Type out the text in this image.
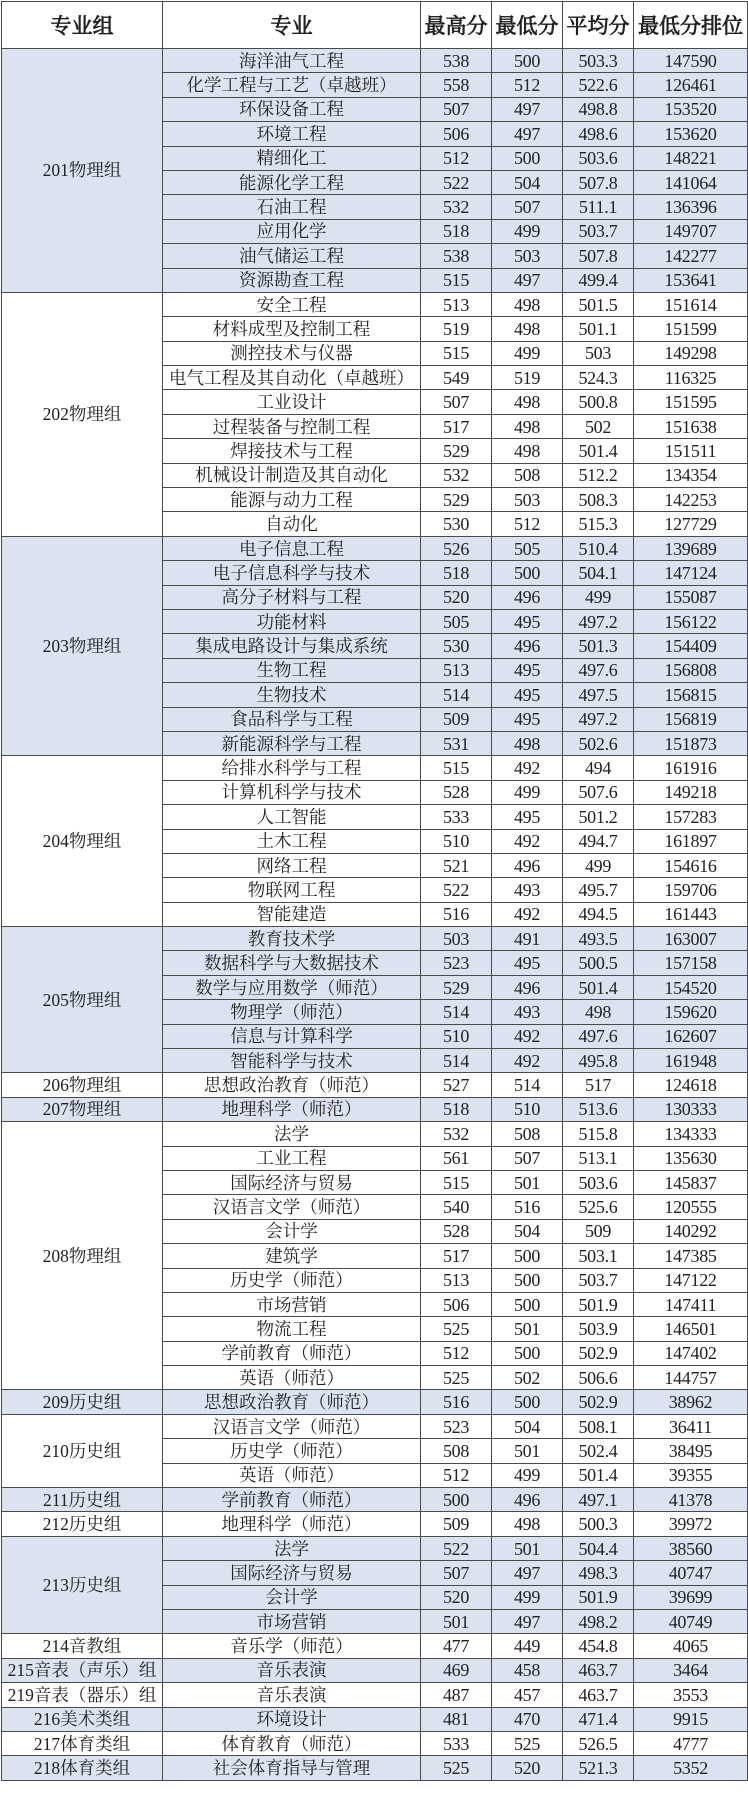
专业组	专业	最高分	最低分	平均分	最低分排位
201物理组	海洋油气工程	538	500	503.3	147590
	化学工程与工艺（卓越班）	558	512	522.6	126461
	环保设备工程	507	497	498.8	153520
	环境工程	506	497	498.6	153620
	精细化工	512	500	503.6	148221
	能源化学工程	522	504	507.8	141064
	石油工程	532	507	511.1	136396
	应用化学	518	499	503.7	149707
	油气储运工程	538	503	507.8	142277
	资源勘查工程	515	497	499.4	153641
202物理组	安全工程	513	498	501.5	151614
	材料成型及控制工程	519	498	501.1	151599
	测控技术与仪器	515	499	503	149298
	电气工程及其自动化（卓越班）	549	519	524.3	116325
	工业设计	507	498	500.8	151595
	过程装备与控制工程	517	498	502	151638
	焊接技术与工程	529	498	501.4	151511
	机械设计制造及其自动化	532	508	512.2	134354
	能源与动力工程	529	503	508.3	142253
	自动化	530	512	515.3	127729
203物理组	电子信息工程	526	505	510.4	139689
	电子信息科学与技术	518	500	504.1	147124
	高分子材料与工程	520	496	499	155087
	功能材料	505	495	497.2	156122
	集成电路设计与集成系统	530	496	501.3	154409
	生物工程	513	495	497.6	156808
	生物技术	514	495	497.5	156815
	食品科学与工程	509	495	497.2	156819
	新能源科学与工程	531	498	502.6	151873
204物理组	给排水科学与工程	515	492	494	161916
	计算机科学与技术	528	499	507.6	149218
	人工智能	533	495	501.2	157283
	土木工程	510	492	494.7	161897
	网络工程	521	496	499	154616
	物联网工程	522	493	495.7	159706
	智能建造	516	492	494.5	161443
205物理组	教育技术学	503	491	493.5	163007
	数据科学与大数据技术	523	495	500.5	157158
	数学与应用数学（师范）	529	496	501.4	154520
	物理学（师范）	514	493	498	159620
	信息与计算科学	510	492	497.6	162607
	智能科学与技术	514	492	495.8	161948
206物理组	思想政治教育（师范）	527	514	517	124618
207物理组	地理科学（师范）	518	510	513.6	130333
208物理组	法学	532	508	515.8	134333
	工业工程	561	507	513.1	135630
	国际经济与贸易	515	501	503.6	145837
	汉语言文学（师范）	540	516	525.6	120555
	会计学	528	504	509	140292
	建筑学	517	500	503.1	147385
	历史学（师范）	513	500	503.7	147122
	市场营销	506	500	501.9	147411
	物流工程	525	501	503.9	146501
	学前教育（师范）	512	500	502.9	147402
	英语（师范）	525	502	506.6	144757
209历史组	思想政治教育（师范）	516	500	502.9	38962
210历史组	汉语言文学（师范）	523	504	508.1	36411
	历史学（师范）	508	501	502.4	38495
	英语（师范）	512	499	501.4	39355
211历史组	学前教育（师范）	500	496	497.1	41378
212历史组	地理科学（师范）	509	498	500.3	39972
213历史组	法学	522	501	504.4	38560
	国际经济与贸易	507	497	498.3	40747
	会计学	520	499	501.9	39699
	市场营销	501	497	498.2	40749
214音教组	音乐学（师范）	477	449	454.8	4065
215音表（声乐）组	音乐表演	469	458	463.7	3464
219音表（器乐）组	音乐表演	487	457	463.7	3553
216美术类组	环境设计	481	470	471.4	9915
217体育类组	体育教育（师范）	533	525	526.5	4777
218体育类组	社会体育指导与管理	525	520	521.3	5352
